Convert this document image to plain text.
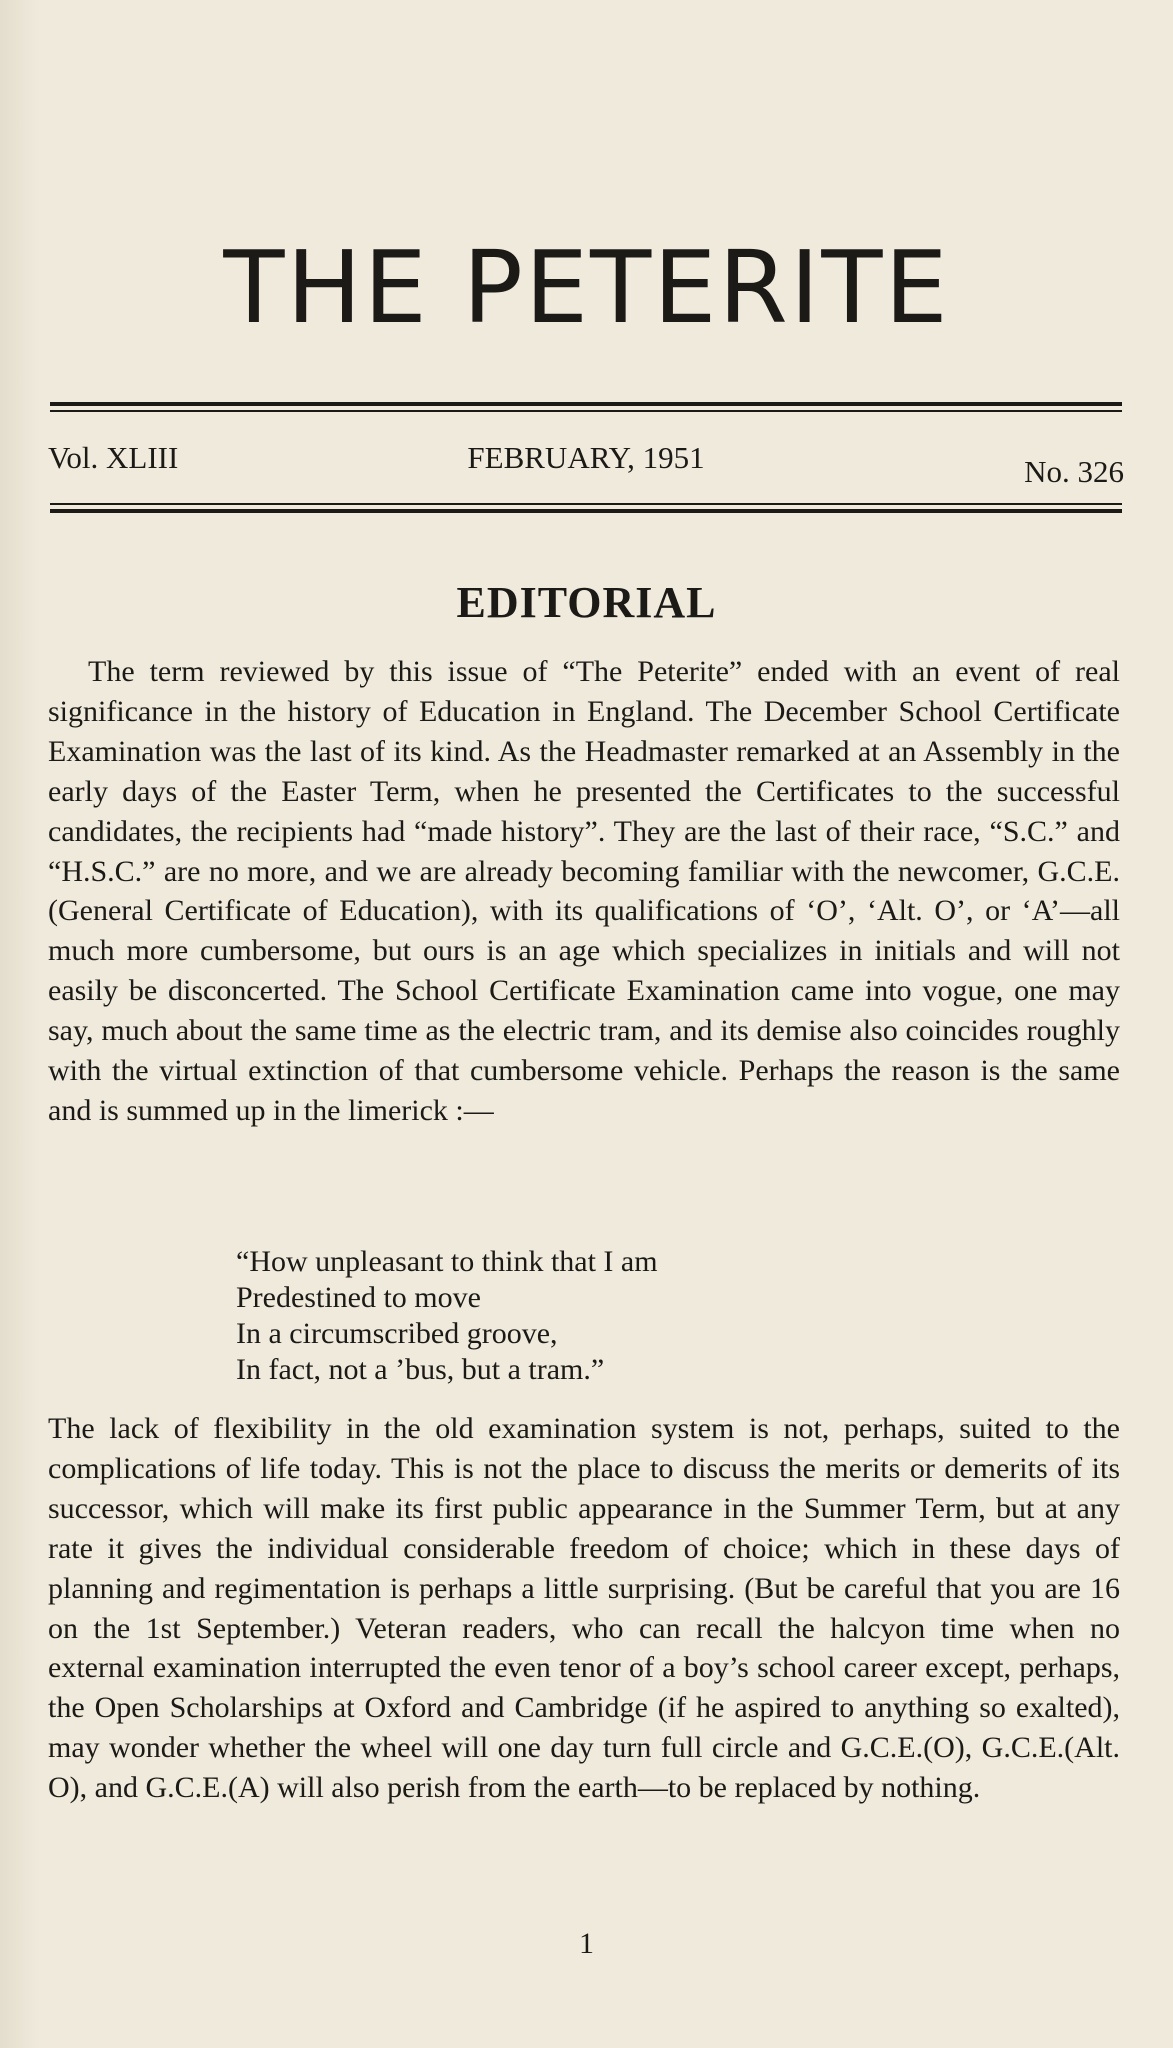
THE PETERITE
Vol. XLIII	FEBRUARY, 1951	No. 326
EDITORIAL

The term reviewed by this issue of “The Peterite” ended with an event of real significance in the history of Education in England. The December School Certificate Examination was the last of its kind. As the Headmaster remarked at an Assembly in the early days of the Easter Term, when he presented the Certificates to the successful candidates, the recipients had “made history”. They are the last of their race, “S.C.” and “H.S.C.” are no more, and we are already becoming familiar with the newcomer, G.C.E. (General Certificate of Education), with its qualifications of ‘O’, ‘Alt. O’, or ‘A’—all much more cumbersome, but ours is an age which specializes in initials and will not easily be disconcerted. The School Certificate Examination came into vogue, one may say, much about the same time as the electric tram, and its demise also coincides roughly with the virtual extinction of that cumbersome vehicle. Perhaps the reason is the same and is summed up in the limerick :—

“How unpleasant to think that I am
Predestined to move
In a circumscribed groove,
In fact, not a ’bus, but a tram.”

The lack of flexibility in the old examination system is not, perhaps, suited to the complications of life today. This is not the place to discuss the merits or demerits of its successor, which will make its first public appearance in the Summer Term, but at any rate it gives the individual considerable freedom of choice; which in these days of planning and regimentation is perhaps a little surprising. (But be careful that you are 16 on the 1st September.) Veteran readers, who can recall the halcyon time when no external examination interrupted the even tenor of a boy’s school career except, perhaps, the Open Scholarships at Oxford and Cambridge (if he aspired to anything so exalted), may wonder whether the wheel will one day turn full circle and G.C.E.(O), G.C.E.(Alt. O), and G.C.E.(A) will also perish from the earth—to be replaced by nothing.

1
